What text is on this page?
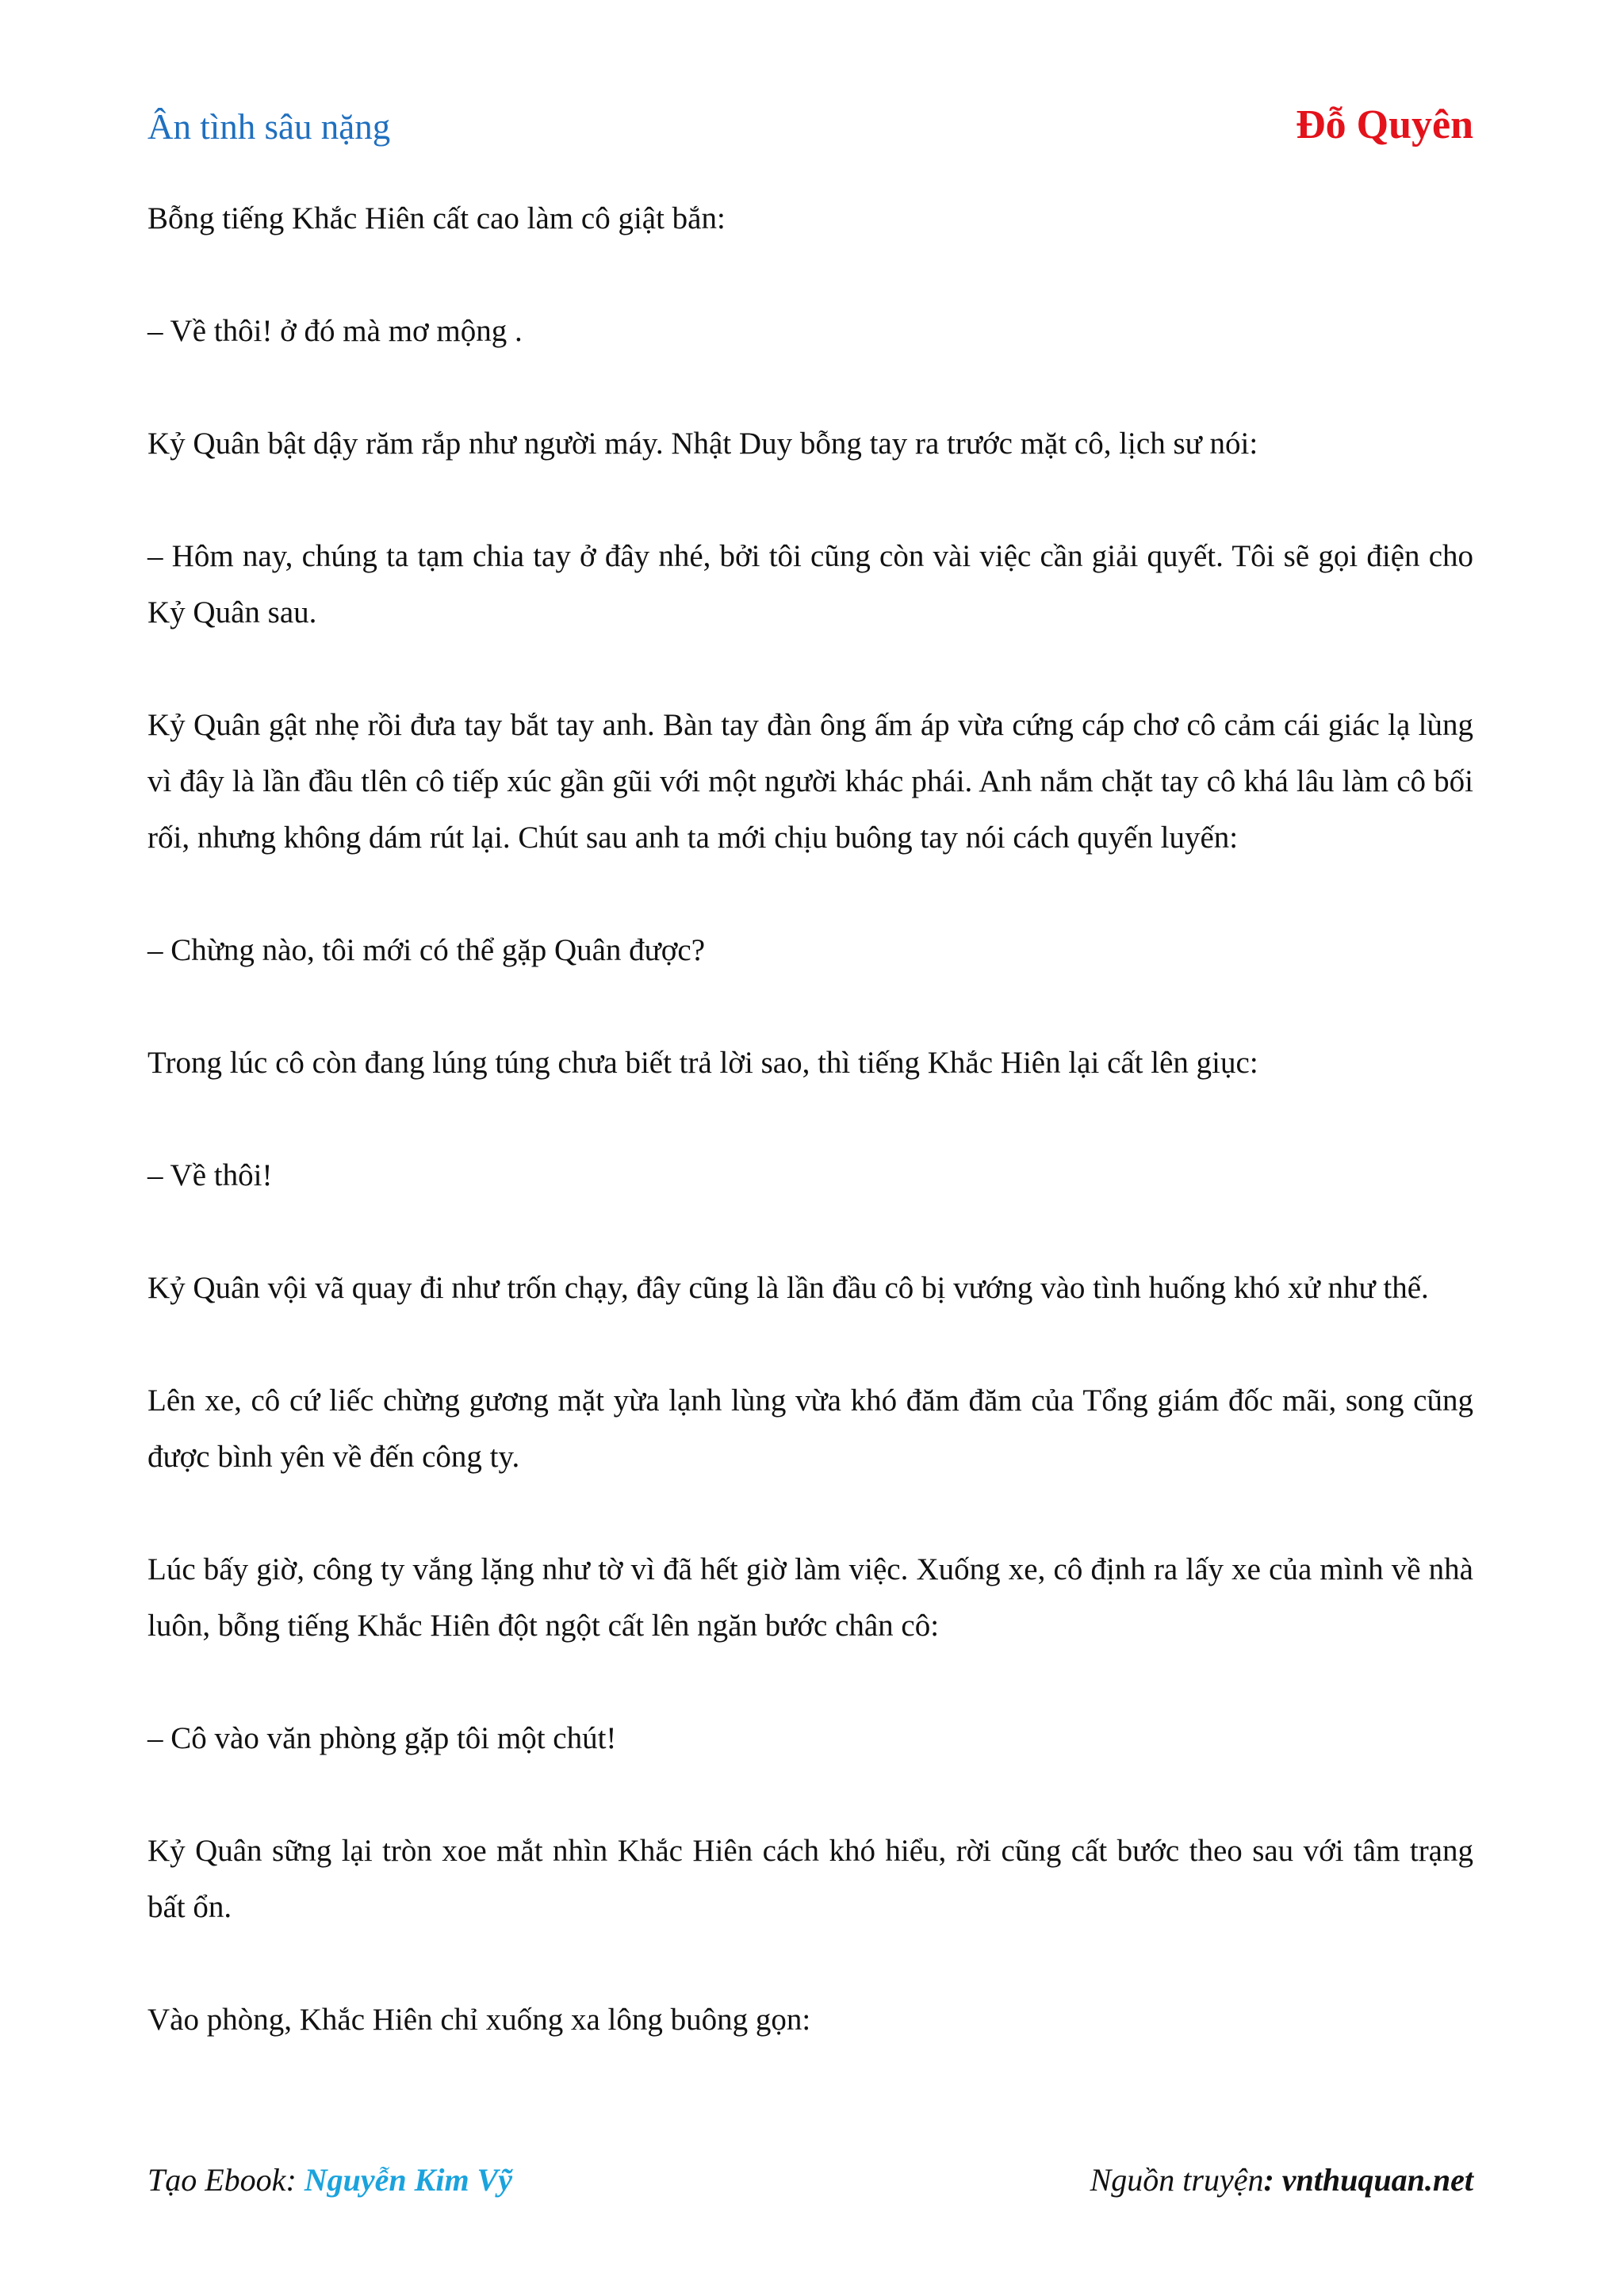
Ân tình sâu nặng	Đỗ Quyên

Bỗng tiếng Khắc Hiên cất cao làm cô giật bắn:

– Về thôi! ở đó mà mơ mộng .

Kỷ Quân bật dậy răm rắp như người máy. Nhật Duy bỗng tay ra trước mặt cô, lịch sư nói:

– Hôm nay, chúng ta tạm chia tay ở đây nhé, bởi tôi cũng còn vài việc cần giải quyết. Tôi sẽ gọi điện cho Kỷ Quân sau.

Kỷ Quân gật nhẹ rồi đưa tay bắt tay anh. Bàn tay đàn ông ấm áp vừa cứng cáp chơ cô cảm cái giác lạ lùng vì đây là lần đầu tlên cô tiếp xúc gần gũi với một người khác phái. Anh nắm chặt tay cô khá lâu làm cô bối rối, nhưng không dám rút lại. Chút sau anh ta mới chịu buông tay nói cách quyến luyến:

– Chừng nào, tôi mới có thể gặp Quân được?

Trong lúc cô còn đang lúng túng chưa biết trả lời sao, thì tiếng Khắc Hiên lại cất lên giục:

– Về thôi!

Kỷ Quân vội vã quay đi như trốn chạy, đây cũng là lần đầu cô bị vướng vào tình huống khó xử như thế.

Lên xe, cô cứ liếc chừng gương mặt yừa lạnh lùng vừa khó đăm đăm của Tổng giám đốc mãi, song cũng được bình yên về đến công ty.

Lúc bấy giờ, công ty vắng lặng như tờ vì đã hết giờ làm việc. Xuống xe, cô định ra lấy xe của mình về nhà luôn, bỗng tiếng Khắc Hiên đột ngột cất lên ngăn bước chân cô:

– Cô vào văn phòng gặp tôi một chút!

Kỷ Quân sững lại tròn xoe mắt nhìn Khắc Hiên cách khó hiểu, rời cũng cất bước theo sau với tâm trạng bất ổn.

Vào phòng, Khắc Hiên chỉ xuống xa lông buông gọn:

Tạo Ebook: Nguyễn Kim Vỹ	Nguồn truyện: vnthuquan.net
